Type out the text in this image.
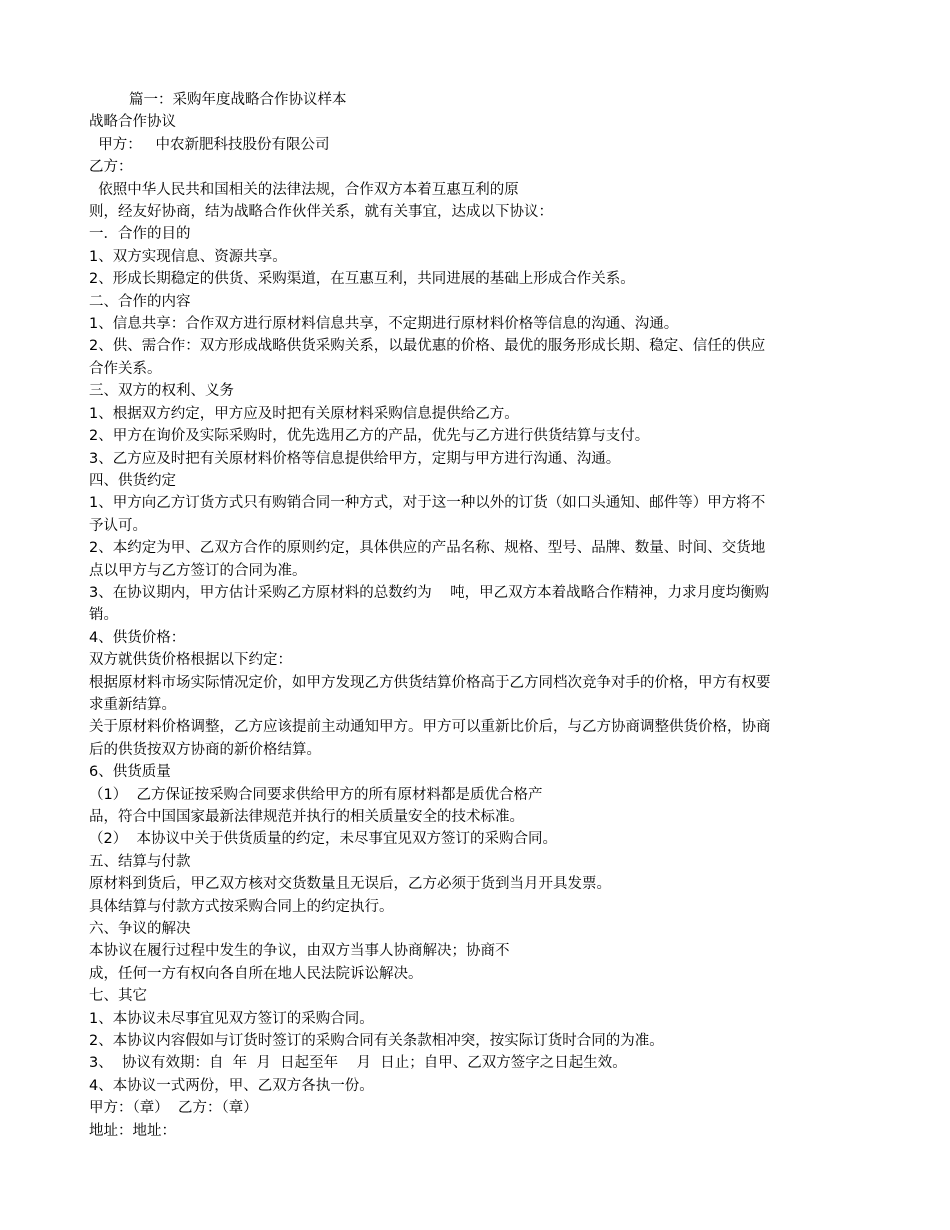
篇一：采购年度战略合作协议样本

战略合作协议

甲方：   中农新肥科技股份有限公司

乙方：

依照中华人民共和国相关的法律法规，合作双方本着互惠互利的原

则，经友好协商，结为战略合作伙伴关系，就有关事宜，达成以下协议：

一．合作的目的

1、双方实现信息、资源共享。

2、形成长期稳定的供货、采购渠道，在互惠互利，共同进展的基础上形成合作关系。

二、合作的内容

1、信息共享：合作双方进行原材料信息共享，不定期进行原材料价格等信息的沟通、沟通。

2、供、需合作：双方形成战略供货采购关系，以最优惠的价格、最优的服务形成长期、稳定、信任的供应

合作关系。

三、双方的权利、义务

1、根据双方约定，甲方应及时把有关原材料采购信息提供给乙方。

2、甲方在询价及实际采购时，优先选用乙方的产品，优先与乙方进行供货结算与支付。

3、乙方应及时把有关原材料价格等信息提供给甲方，定期与甲方进行沟通、沟通。

四、供货约定

1、甲方向乙方订货方式只有购销合同一种方式，对于这一种以外的订货（如口头通知、邮件等）甲方将不

予认可。

2、本约定为甲、乙双方合作的原则约定，具体供应的产品名称、规格、型号、品牌、数量、时间、交货地

点以甲方与乙方签订的合同为准。

3、在协议期内，甲方估计采购乙方原材料的总数约为    吨，甲乙双方本着战略合作精神，力求月度均衡购

销。

4、供货价格：

双方就供货价格根据以下约定：

根据原材料市场实际情况定价，如甲方发现乙方供货结算价格高于乙方同档次竞争对手的价格，甲方有权要

求重新结算。

关于原材料价格调整，乙方应该提前主动通知甲方。甲方可以重新比价后，与乙方协商调整供货价格，协商

后的供货按双方协商的新价格结算。

6、供货质量

（1）  乙方保证按采购合同要求供给甲方的所有原材料都是质优合格产

品，符合中国国家最新法律规范并执行的相关质量安全的技术标准。

（2）  本协议中关于供货质量的约定，未尽事宜见双方签订的采购合同。

五、结算与付款

原材料到货后，甲乙双方核对交货数量且无误后，乙方必须于货到当月开具发票。

具体结算与付款方式按采购合同上的约定执行。

六、争议的解决

本协议在履行过程中发生的争议，由双方当事人协商解决；协商不

成，任何一方有权向各自所在地人民法院诉讼解决。

七、其它

1、本协议未尽事宜见双方签订的采购合同。

2、本协议内容假如与订货时签订的采购合同有关条款相冲突，按实际订货时合同的为准。

3、  协议有效期：自  年  月  日起至年    月  日止；自甲、乙双方签字之日起生效。

4、本协议一式两份，甲、乙双方各执一份。

甲方：（章）  乙方：（章）

地址：地址：
